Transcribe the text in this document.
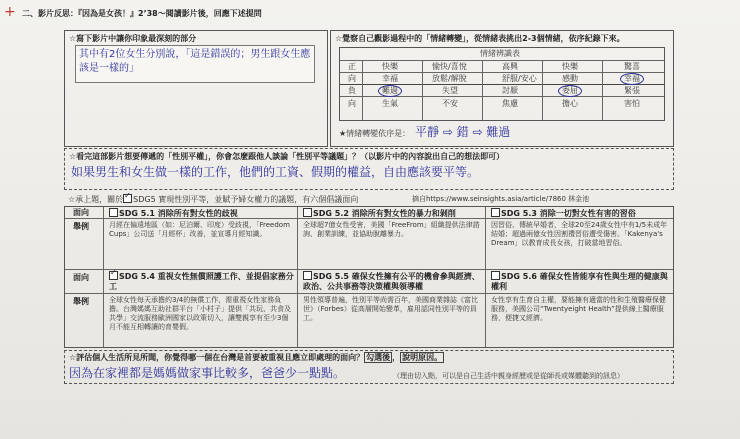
+ 二、影片反思：『因為是女孩！』2’38～閱讀影片後，回應下述提問
☆寫下影片中讓你印象最深刻的部分
其中有2位女生分別說，「這是錯誤的；男生跟女生應該是一樣的」
☆覺察自己觀影過程中的「情緒轉變」，從情緒表挑出2-3個情緒，依序紀錄下來。
情緒辨識表
正	快樂	愉快/喜悅	高興	快樂	驚喜
向	幸福	放鬆/解脫	舒服/安心	感動	幸福
負	難過	失望	討厭	委屈	緊張
向	生氣	不安	焦慮	擔心	害怕
★情緒轉變依序是： 平靜 ⇨ 錯 ⇨ 難過
☆看完這部影片想要傳遞的「性別平權」，你會怎麼跟他人談論「性別平等議題」？（以影片中的內容說出自己的想法即可）
如果男生和女生做一樣的工作，他們的工資、假期的權益，自由應該要平等。
☆承上題，關於✓ SDG5 實現性別平等，並賦予婦女權力的議題，有六個倡議面向	摘自https://www.seinsights.asia/article/7860 林金池
面向
舉例
面向
舉例
SDG 5.1 消除所有對女性的歧視	SDG 5.2 消除所有對女性的暴力和剝削	SDG 5.3 消除一切對女性有害的習俗
月經在偏遠地區（如：尼泊爾、印度）受歧視，「Freedom Cups」公司送「月經杯」改善，並宣導月經知識。
全球超7億女性受害，美國「FreeFrom」組織提供法律諮詢、創業訓練，並協助脫離暴力。
因習俗、傳統早婚者，全球20至24歲女性中有1/5未成年結婚；超過兩億女性因割禮習俗遭受傷害。「Kakenya's Dream」以教育成長女孩，打破當地習俗。
✓SDG 5.4 重視女性無償照護工作、並提倡家務分工
SDG 5.5 確保女性擁有公平的機會參與經濟、政治、公共事務等決策權與領導權
SDG 5.6 確保女性皆能享有性與生理的健康與權利
全球女性每天承擔約3/4的無償工作，需重視女性家務負擔。台灣媽媽互助社群平台「小村子」提供「共玩、共食及共學」交流服務歐洲國家以政策切入，讓雙親享有至少3個月不能互相轉讓的育嬰假。
男性領導普遍，性別平等尚需百年，美國商業雜誌《富比世》（Forbes）從高層開始變革，雇用認同性別平等的員工。
女性享有生育自主權，要能擁有適當的性和生殖醫療保健服務，美國公司“Twentyeight Health”提供線上醫療服務，便捷又經濟。
☆評估個人生活所見所聞，你覺得哪一個在台灣是首要被重視且應立即處理的面向？ 勾選後 ， 說明原因。
因為在家裡都是媽媽做家事比較多，爸爸少一點點。	（理由切入點，可以是自己生活中親身經歷或是從師長或媒體聽到的訊息）
